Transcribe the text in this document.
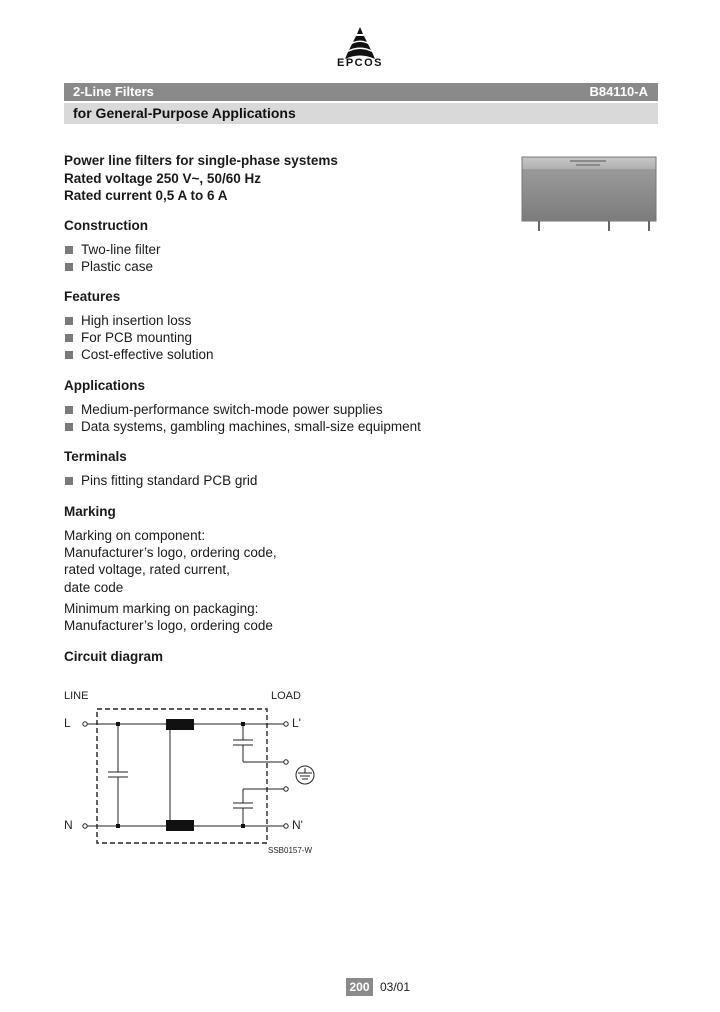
EPCOS
2-Line Filters	B84110-A
for General-Purpose Applications
Power line filters for single-phase systems
Rated voltage 250 V~, 50/60 Hz
Rated current 0,5 A to 6 A
Construction
Two-line filter
Plastic case
Features
High insertion loss
For PCB mounting
Cost-effective solution
Applications
Medium-performance switch-mode power supplies
Data systems, gambling machines, small-size equipment
Terminals
Pins fitting standard PCB grid
Marking
Marking on component:
Manufacturer’s logo, ordering code,
rated voltage, rated current,
date code
Minimum marking on packaging:
Manufacturer’s logo, ordering code
Circuit diagram
LINE	LOAD
L
N
L'
N'
SSB0157-W
200 03/01
